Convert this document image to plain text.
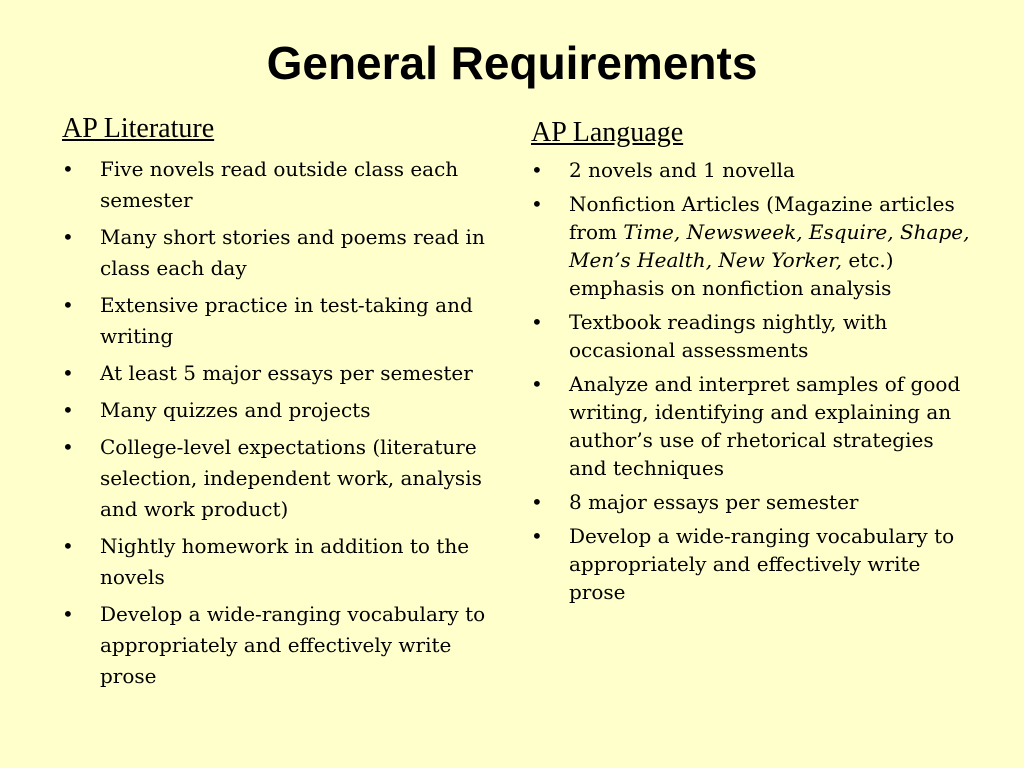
General Requirements
AP Literature
• Five novels read outside class each semester
• Many short stories and poems read in class each day
• Extensive practice in test-taking and writing
• At least 5 major essays per semester
• Many quizzes and projects
• College-level expectations (literature selection, independent work, analysis and work product)
• Nightly homework in addition to the novels
• Develop a wide-ranging vocabulary to appropriately and effectively write prose
AP Language
• 2 novels and 1 novella
• Nonfiction Articles (Magazine articles from Time, Newsweek, Esquire, Shape, Men’s Health, New Yorker, etc.) emphasis on nonfiction analysis
• Textbook readings nightly, with occasional assessments
• Analyze and interpret samples of good writing, identifying and explaining an author’s use of rhetorical strategies and techniques
• 8 major essays per semester
• Develop a wide-ranging vocabulary to appropriately and effectively write prose
